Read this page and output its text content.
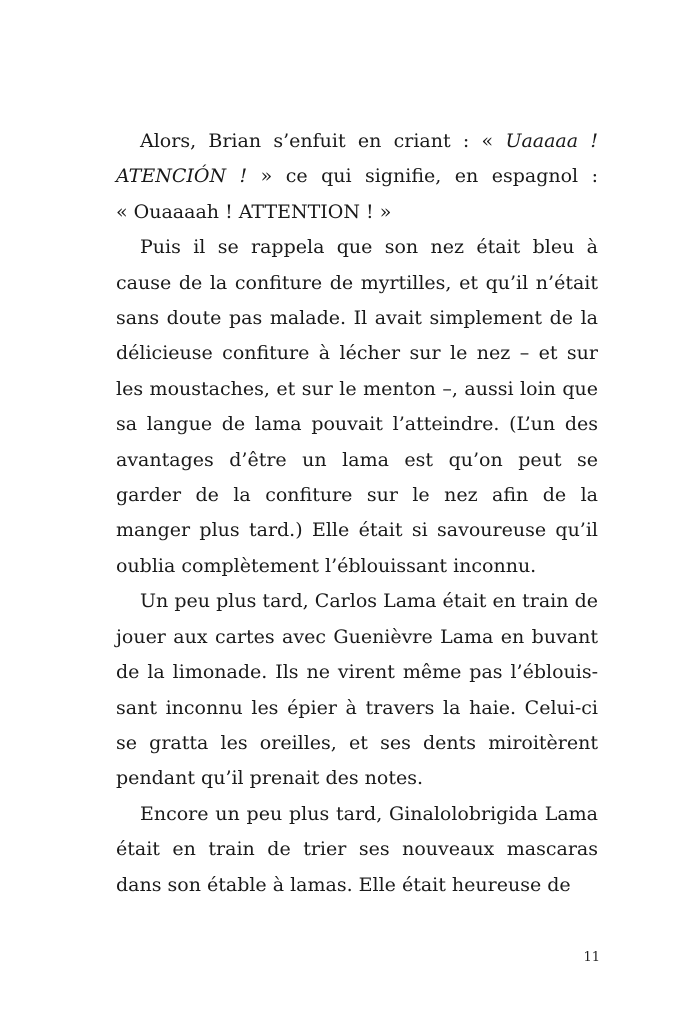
Alors, Brian s’enfuit en criant : « Uaaaaa ! ATENCIÓN ! » ce qui signifie, en espagnol : « Ouaaaah ! ATTENTION ! »

Puis il se rappela que son nez était bleu à cause de la confiture de myrtilles, et qu’il n’était sans doute pas malade. Il avait simplement de la délicieuse confiture à lécher sur le nez – et sur les moustaches, et sur le menton –, aussi loin que sa langue de lama pouvait l’atteindre. (L’un des avantages d’être un lama est qu’on peut se garder de la confiture sur le nez afin de la manger plus tard.) Elle était si savoureuse qu’il oublia complètement l’éblouissant inconnu.

Un peu plus tard, Carlos Lama était en train de jouer aux cartes avec Guenièvre Lama en buvant de la limonade. Ils ne virent même pas l’éblouis-sant inconnu les épier à travers la haie. Celui-ci se gratta les oreilles, et ses dents miroitèrent pendant qu’il prenait des notes.

Encore un peu plus tard, Ginalolobrigida Lama était en train de trier ses nouveaux mascaras dans son étable à lamas. Elle était heureuse de

11
